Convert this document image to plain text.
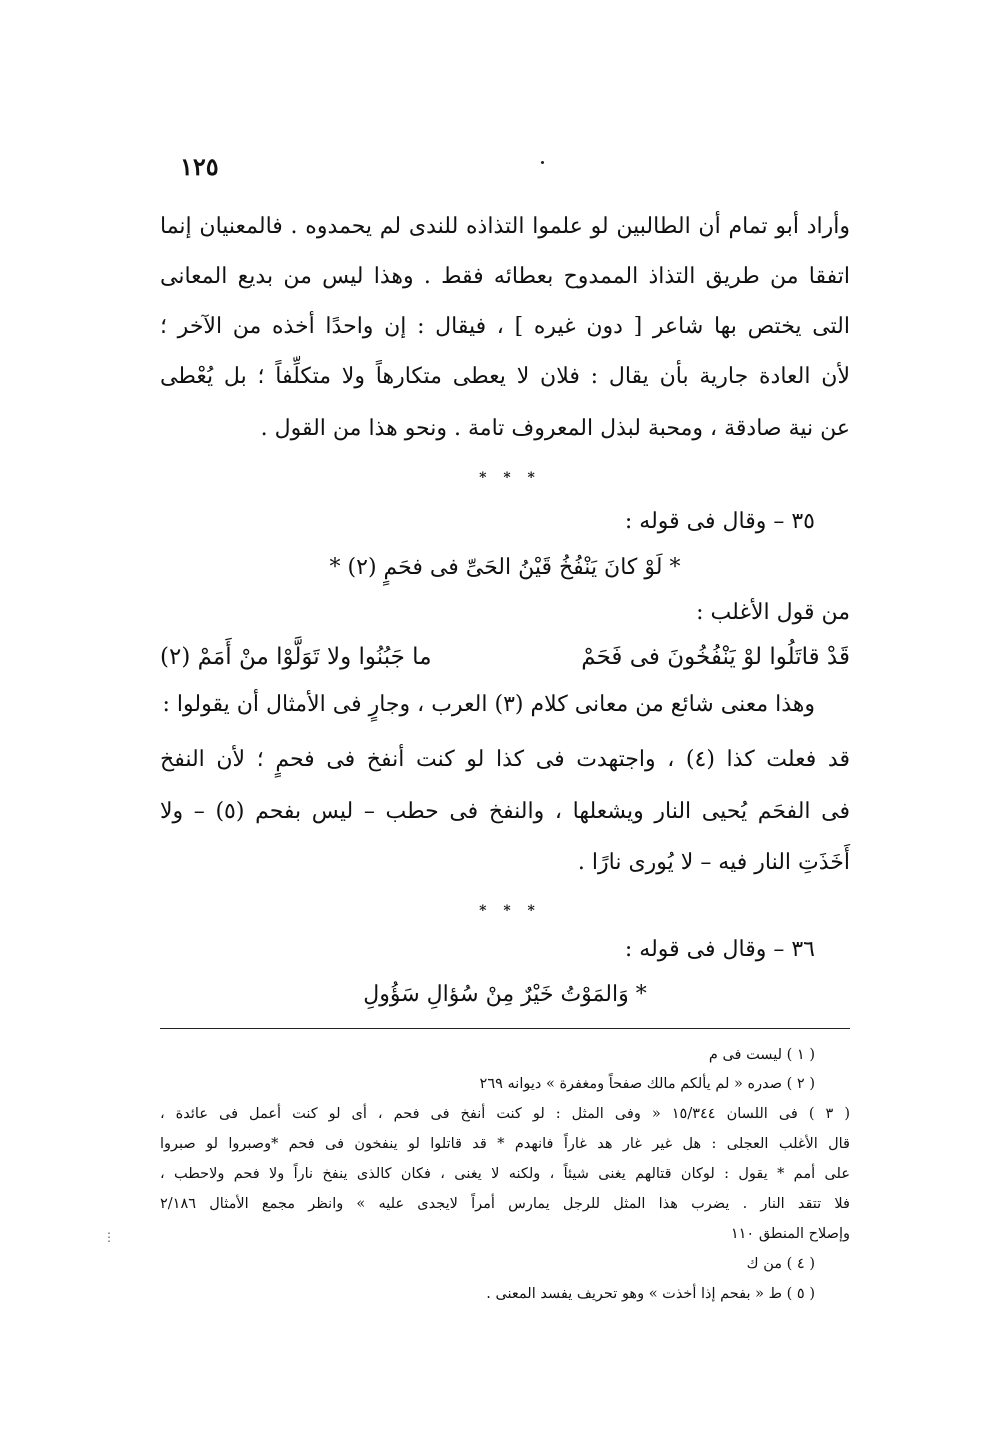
١٢٥
⋮
وأراد أبو تمام أن الطالبين لو علموا التذاذه للندى لم يحمدوه . فالمعنيان إنما
اتفقا من طريق التذاذ الممدوح بعطائه فقط . وهذا ليس من بديع المعانى
التى يختص بها شاعر [ دون غيره ] ، فيقال : إن واحدًا أخذه من الآخر ؛
لأن العادة جارية بأن يقال : فلان لا يعطى متكارهاً ولا متكلِّفاً ؛ بل يُعْطى
عن نية صادقة ، ومحبة لبذل المعروف تامة . ونحو هذا من القول .
* * *
٣٥ – وقال فى قوله :
* لَوْ كانَ يَنْفُخُ قَيْنُ الحَىِّ فى فحَمٍ (٢) *
من قول الأغلب :
قَدْ قاتَلُوا لوْ يَنْفُخُونَ فى فَحَمْ
ما جَبُنُوا ولا تَوَلَّوْا منْ أَمَمْ (٢)
وهذا معنى شائع من معانى كلام (٣) العرب ، وجارٍ فى الأمثال أن يقولوا :
قد فعلت كذا (٤) ، واجتهدت فى كذا لو كنت أنفخ فى فحمٍ ؛ لأن النفخ
فى الفحَم يُحيى النار ويشعلها ، والنفخ فى حطب – ليس بفحم (٥) – ولا
أَخَذَتِ النار فيه – لا يُورى نارًا .
* * *
٣٦ – وقال فى قوله :
* وَالمَوْتُ خَيْرٌ مِنْ سُؤالِ سَؤُولِ
( ١ ) ليست فى م
( ٢ ) صدره « لم يألكم مالك صفحاً ومغفرة » ديوانه ٢٦٩
( ٣ ) فى اللسان ١٥/٣٤٤ « وفى المثل : لو كنت أنفخ فى فحم ، أى لو كنت أعمل فى عائدة ،
قال الأغلب العجلى : هل غير غار هد غاراً فانهدم * قد قاتلوا لو ينفخون فى فحم *وصبروا لو صبروا
على أمم * يقول : لوكان قتالهم يغنى شيئاً ، ولكنه لا يغنى ، فكان كالذى ينفخ ناراً ولا فحم ولاحطب ،
فلا تتقد النار . يضرب هذا المثل للرجل يمارس أمراً لايجدى عليه » وانظر مجمع الأمثال ٢/١٨٦
وإصلاح المنطق ١١٠
( ٤ ) من ك
( ٥ ) ط « بفحم إذا أخذت » وهو تحريف يفسد المعنى .
